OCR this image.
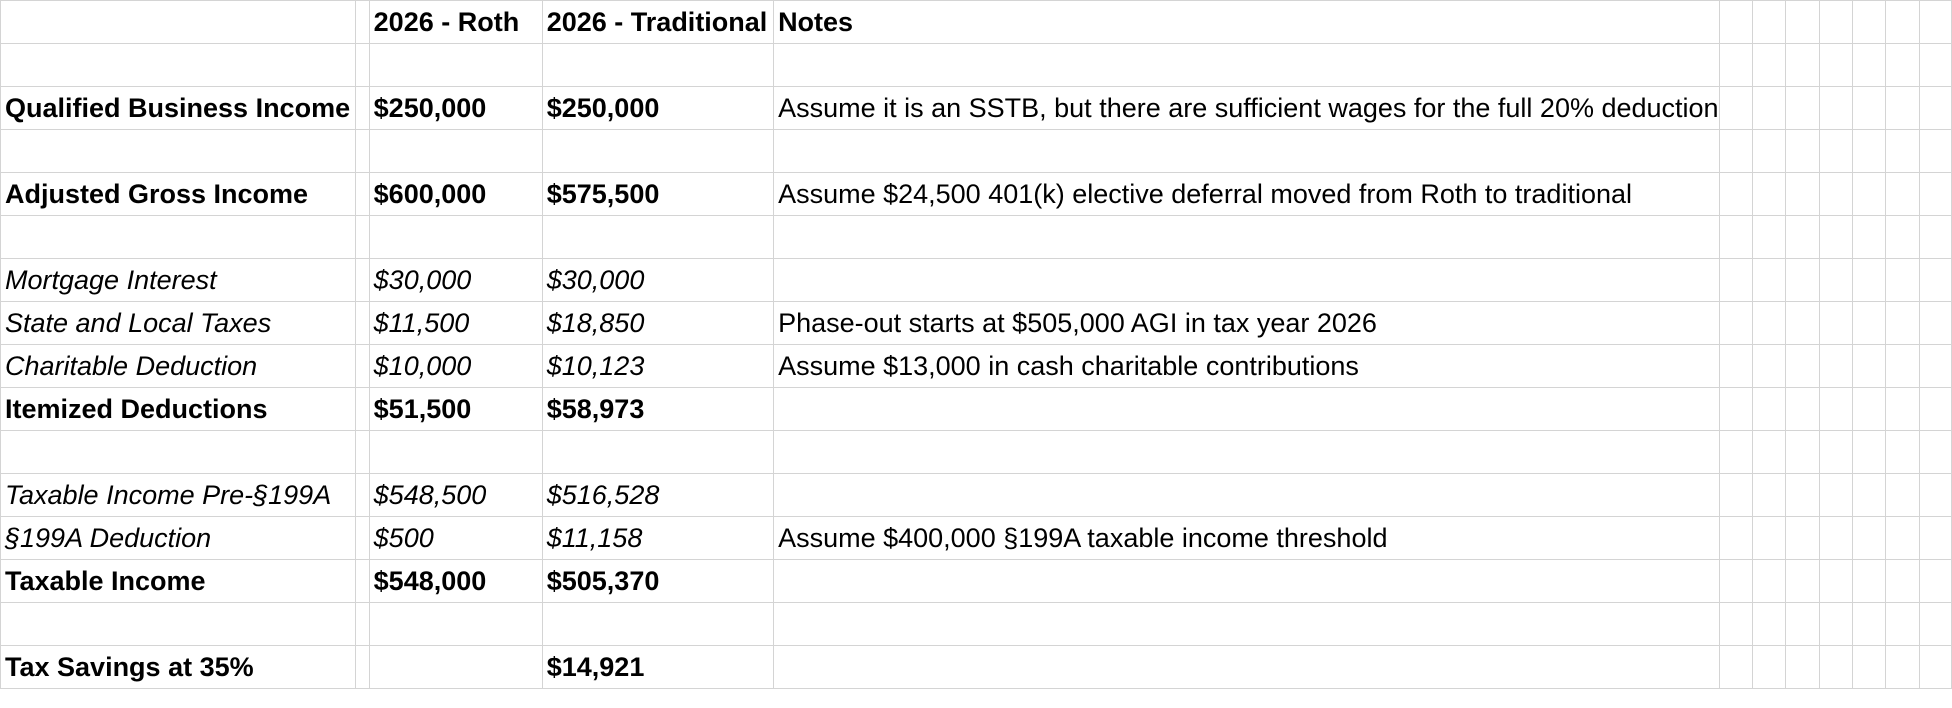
		2026 - Roth	2026 - Traditional	Notes							

Qualified Business Income		$250,000	$250,000	Assume it is an SSTB, but there are sufficient wages for the full 20% deduction							

Adjusted Gross Income		$600,000	$575,500	Assume $24,500 401(k) elective deferral moved from Roth to traditional							

Mortgage Interest		$30,000	$30,000								
State and Local Taxes		$11,500	$18,850	Phase-out starts at $505,000 AGI in tax year 2026							
Charitable Deduction		$10,000	$10,123	Assume $13,000 in cash charitable contributions							
Itemized Deductions		$51,500	$58,973								

Taxable Income Pre-§199A		$548,500	$516,528								
§199A Deduction		$500	$11,158	Assume $400,000 §199A taxable income threshold							
Taxable Income		$548,000	$505,370								

Tax Savings at 35%			$14,921								
